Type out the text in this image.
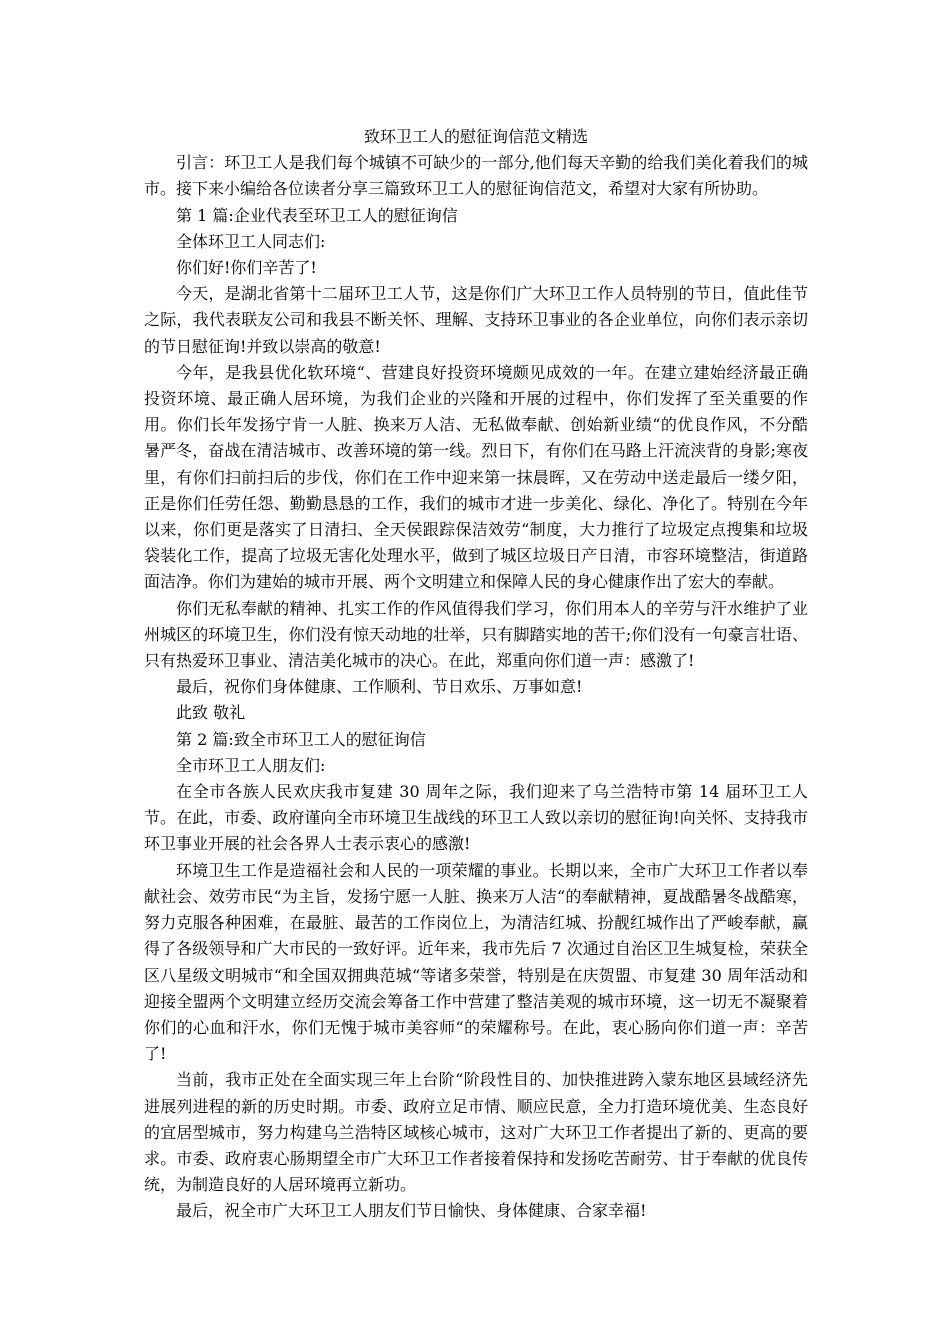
致环卫工人的慰征询信范文精选

引言：环卫工人是我们每个城镇不可缺少的一部分,他们每天辛勤的给我们美化着我们的城市。接下来小编给各位读者分享三篇致环卫工人的慰征询信范文，希望对大家有所协助。

第 1 篇:企业代表至环卫工人的慰征询信

全体环卫工人同志们:

你们好!你们辛苦了!

今天，是湖北省第十二届环卫工人节，这是你们广大环卫工作人员特别的节日，值此佳节之际，我代表联友公司和我县不断关怀、理解、支持环卫事业的各企业单位，向你们表示亲切的节日慰征询!并致以崇高的敬意!

今年，是我县优化软环境“、营建良好投资环境颇见成效的一年。在建立建始经济最正确投资环境、最正确人居环境，为我们企业的兴隆和开展的过程中，你们发挥了至关重要的作用。你们长年发扬宁肯一人脏、换来万人洁、无私做奉献、创始新业绩“的优良作风，不分酷暑严冬，奋战在清洁城市、改善环境的第一线。烈日下，有你们在马路上汗流浃背的身影;寒夜里，有你们扫前扫后的步伐，你们在工作中迎来第一抹晨晖，又在劳动中送走最后一缕夕阳，正是你们任劳任怨、勤勤恳恳的工作，我们的城市才进一步美化、绿化、净化了。特别在今年以来，你们更是落实了日清扫、全天侯跟踪保洁效劳“制度，大力推行了垃圾定点搜集和垃圾袋装化工作，提高了垃圾无害化处理水平，做到了城区垃圾日产日清，市容环境整洁，街道路面洁净。你们为建始的城市开展、两个文明建立和保障人民的身心健康作出了宏大的奉献。

你们无私奉献的精神、扎实工作的作风值得我们学习，你们用本人的辛劳与汗水维护了业州城区的环境卫生，你们没有惊天动地的壮举，只有脚踏实地的苦干;你们没有一句豪言壮语、只有热爱环卫事业、清洁美化城市的决心。在此，郑重向你们道一声：感激了!

最后，祝你们身体健康、工作顺利、节日欢乐、万事如意!

此致 敬礼

第 2 篇:致全市环卫工人的慰征询信

全市环卫工人朋友们:

在全市各族人民欢庆我市复建 30 周年之际，我们迎来了乌兰浩特市第 14 届环卫工人节。在此，市委、政府谨向全市环境卫生战线的环卫工人致以亲切的慰征询!向关怀、支持我市环卫事业开展的社会各界人士表示衷心的感激!

环境卫生工作是造福社会和人民的一项荣耀的事业。长期以来，全市广大环卫工作者以奉献社会、效劳市民“为主旨，发扬宁愿一人脏、换来万人洁“的奉献精神，夏战酷暑冬战酷寒，努力克服各种困难，在最脏、最苦的工作岗位上，为清洁红城、扮靓红城作出了严峻奉献，赢得了各级领导和广大市民的一致好评。近年来，我市先后 7 次通过自治区卫生城复检，荣获全区八星级文明城市“和全国双拥典范城“等诸多荣誉，特别是在庆贺盟、市复建 30 周年活动和迎接全盟两个文明建立经历交流会筹备工作中营建了整洁美观的城市环境，这一切无不凝聚着你们的心血和汗水，你们无愧于城市美容师“的荣耀称号。在此，衷心肠向你们道一声：辛苦了!

当前，我市正处在全面实现三年上台阶“阶段性目的、加快推进跨入蒙东地区县域经济先进展列进程的新的历史时期。市委、政府立足市情、顺应民意，全力打造环境优美、生态良好的宜居型城市，努力构建乌兰浩特区域核心城市，这对广大环卫工作者提出了新的、更高的要求。市委、政府衷心肠期望全市广大环卫工作者接着保持和发扬吃苦耐劳、甘于奉献的优良传统，为制造良好的人居环境再立新功。

最后，祝全市广大环卫工人朋友们节日愉快、身体健康、合家幸福!
